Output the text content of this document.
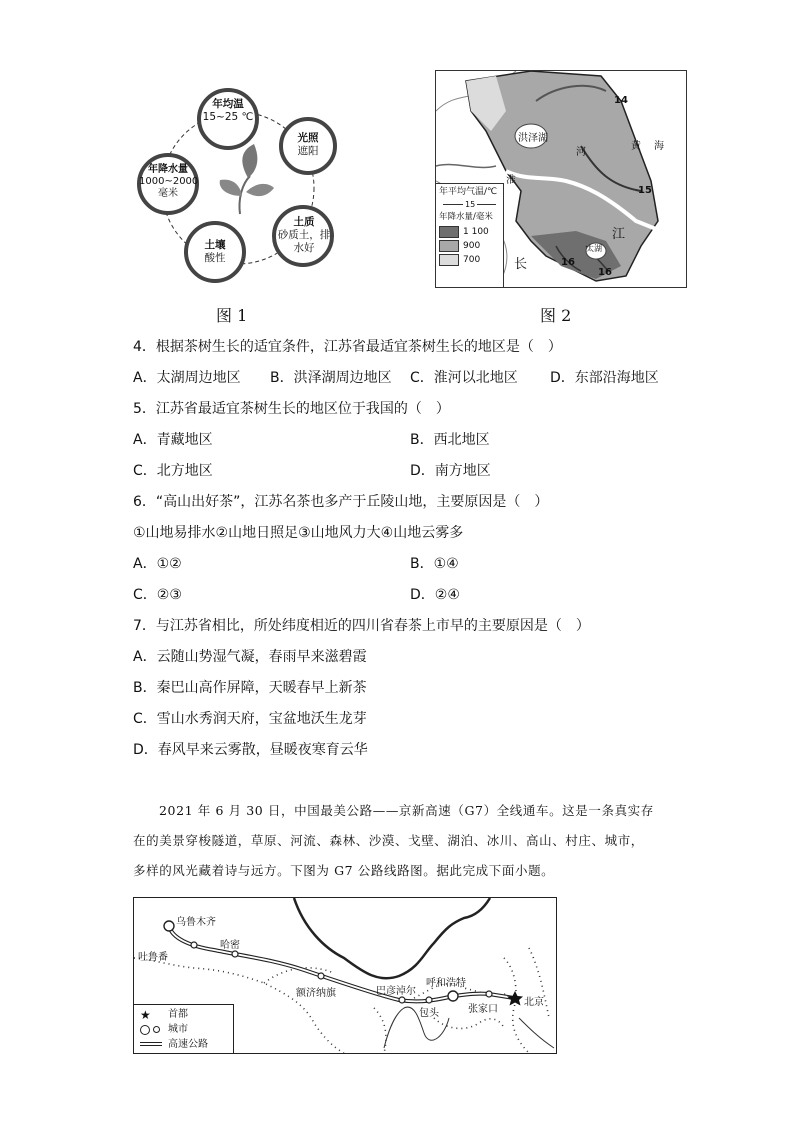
年均温
15~25 ℃
光照
遮阳
土质
砂质土，排水好
土壤
酸性
年降水量
1000~2000 毫米
图 1
洪泽湖
河
黄 海
淮
江
长
太湖
14
15
16
16
年平均气温/℃
15
年降水量/毫米
1 100
900
700
图 2
4．根据茶树生长的适宜条件，江苏省最适宜茶树生长的地区是（　）
A．太湖周边地区 B．洪泽湖周边地区 C．淮河以北地区 D．东部沿海地区
5．江苏省最适宜茶树生长的地区位于我国的（　）
A．青藏地区	B．西北地区
C．北方地区	D．南方地区
6．“高山出好茶”，江苏名茶也多产于丘陵山地，主要原因是（　）
①山地易排水②山地日照足③山地风力大④山地云雾多
A．①②	B．①④
C．②③	D．②④
7．与江苏省相比，所处纬度相近的四川省春茶上市早的主要原因是（　）
A．云随山势湿气凝，春雨早来滋碧霞
B．秦巴山高作屏障，天暖春早上新茶
C．雪山水秀润天府，宝盆地沃生龙芽
D．春风早来云雾散，昼暖夜寒育云华
2021 年 6 月 30 日，中国最美公路——京新高速（G7）全线通车。这是一条真实存
在的美景穿梭隧道，草原、河流、森林、沙漠、戈壁、湖泊、冰川、高山、村庄、城市，
多样的风光藏着诗与远方。下图为 G7 公路线路图。据此完成下面小题。
乌鲁木齐
吐鲁番
哈密
额济纳旗	巴彦淖尔
呼和浩特
包头	张家口
北京
★	首都
城市
高速公路
